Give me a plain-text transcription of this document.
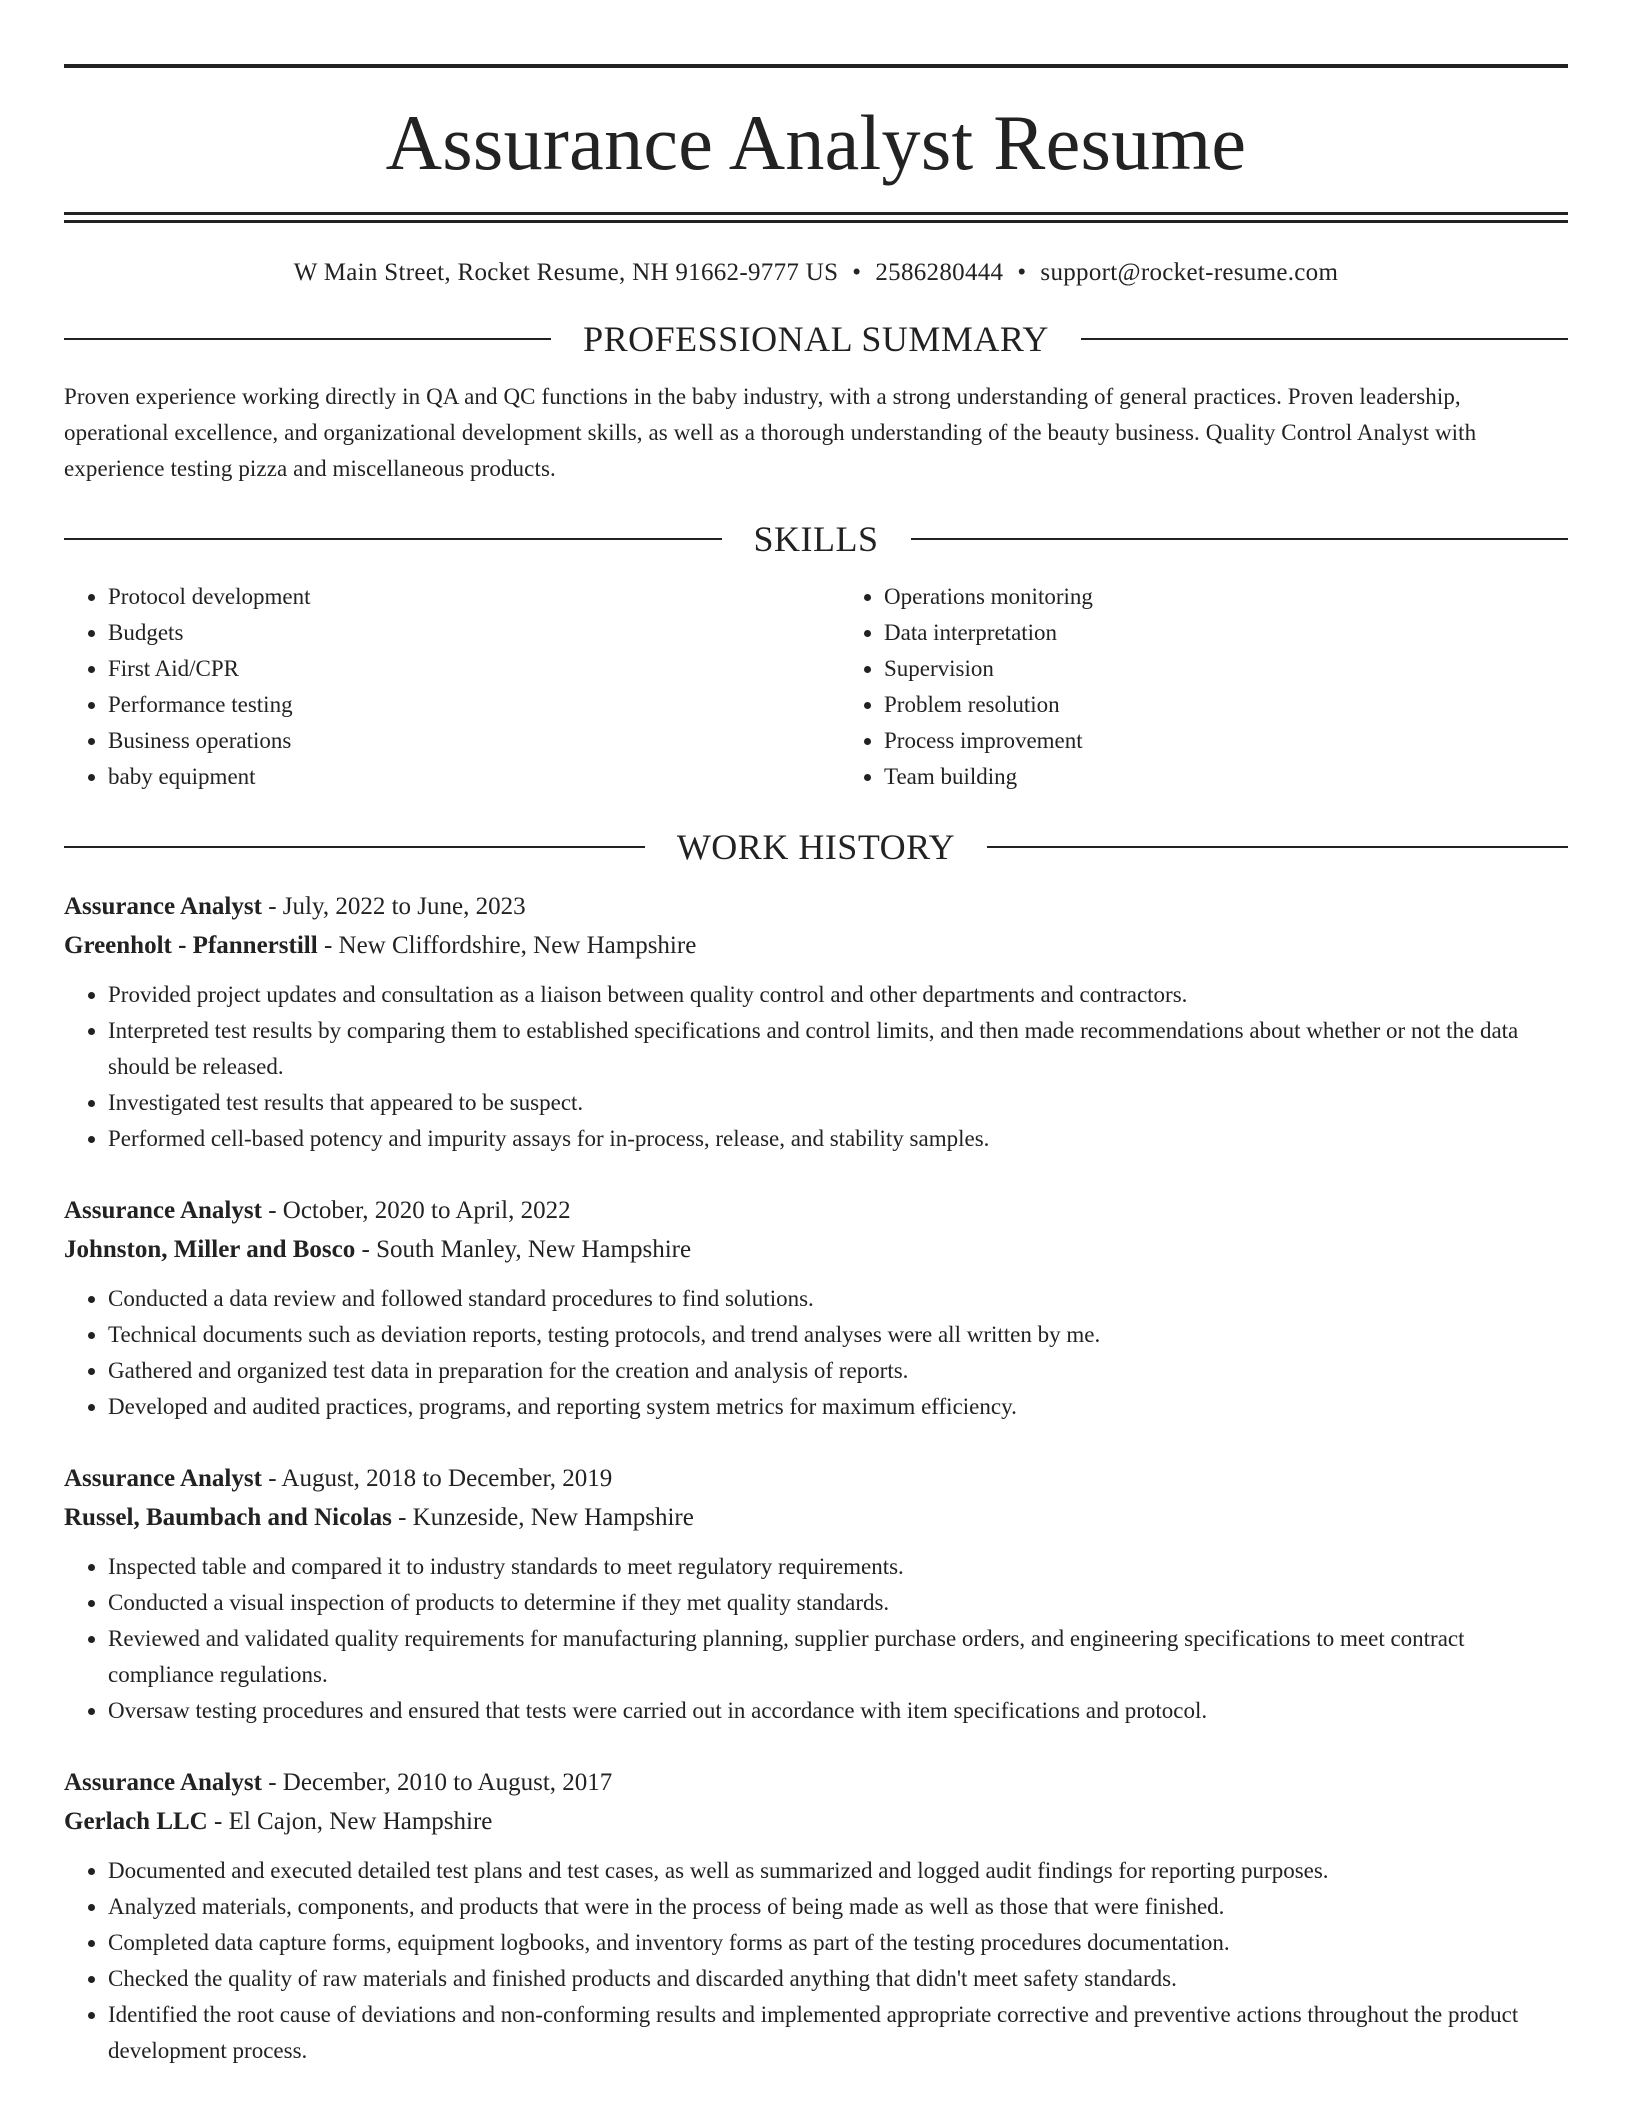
Assurance Analyst Resume
W Main Street, Rocket Resume, NH 91662-9777 US • 2586280444 • support@rocket-resume.com
PROFESSIONAL SUMMARY

Proven experience working directly in QA and QC functions in the baby industry, with a strong understanding of general practices. Proven leadership, operational excellence, and organizational development skills, as well as a thorough understanding of the beauty business. Quality Control Analyst with experience testing pizza and miscellaneous products.

SKILLS
• Protocol development
• Budgets
• First Aid/CPR
• Performance testing
• Business operations
• baby equipment
• Operations monitoring
• Data interpretation
• Supervision
• Problem resolution
• Process improvement
• Team building
WORK HISTORY
Assurance Analyst - July, 2022 to June, 2023
Greenholt - Pfannerstill - New Cliffordshire, New Hampshire
• Provided project updates and consultation as a liaison between quality control and other departments and contractors.
• Interpreted test results by comparing them to established specifications and control limits, and then made recommendations about whether or not the data should be released.
• Investigated test results that appeared to be suspect.
• Performed cell-based potency and impurity assays for in-process, release, and stability samples.
Assurance Analyst - October, 2020 to April, 2022
Johnston, Miller and Bosco - South Manley, New Hampshire
• Conducted a data review and followed standard procedures to find solutions.
• Technical documents such as deviation reports, testing protocols, and trend analyses were all written by me.
• Gathered and organized test data in preparation for the creation and analysis of reports.
• Developed and audited practices, programs, and reporting system metrics for maximum efficiency.
Assurance Analyst - August, 2018 to December, 2019
Russel, Baumbach and Nicolas - Kunzeside, New Hampshire
• Inspected table and compared it to industry standards to meet regulatory requirements.
• Conducted a visual inspection of products to determine if they met quality standards.
• Reviewed and validated quality requirements for manufacturing planning, supplier purchase orders, and engineering specifications to meet contract compliance regulations.
• Oversaw testing procedures and ensured that tests were carried out in accordance with item specifications and protocol.
Assurance Analyst - December, 2010 to August, 2017
Gerlach LLC - El Cajon, New Hampshire
• Documented and executed detailed test plans and test cases, as well as summarized and logged audit findings for reporting purposes.
• Analyzed materials, components, and products that were in the process of being made as well as those that were finished.
• Completed data capture forms, equipment logbooks, and inventory forms as part of the testing procedures documentation.
• Checked the quality of raw materials and finished products and discarded anything that didn't meet safety standards.
• Identified the root cause of deviations and non-conforming results and implemented appropriate corrective and preventive actions throughout the product development process.
